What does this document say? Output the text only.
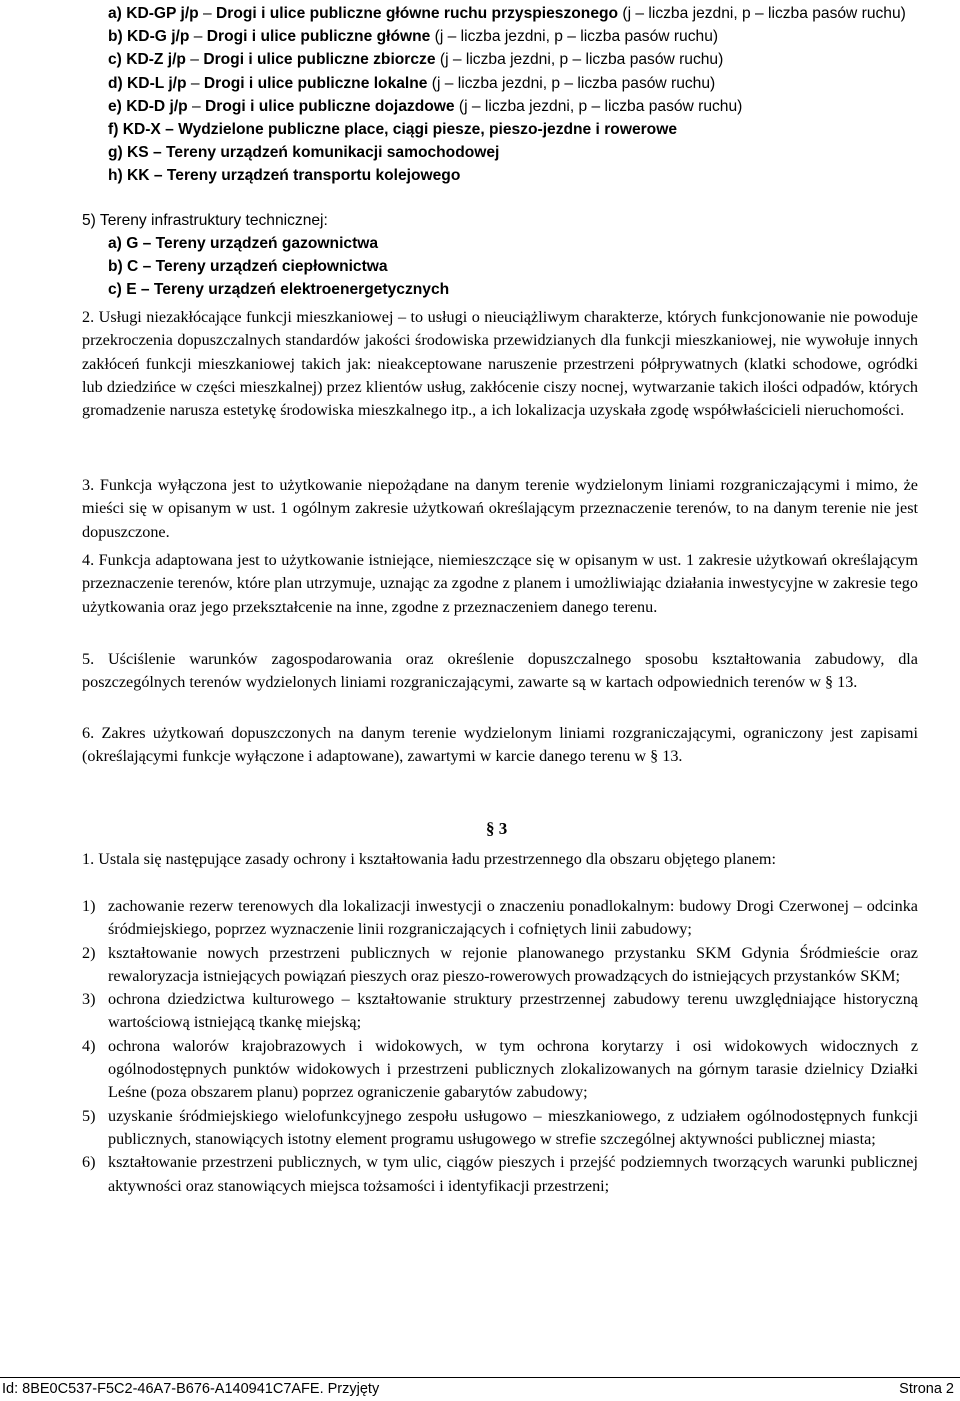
a) KD-GP j/p – Drogi i ulice publiczne główne ruchu przyspieszonego (j – liczba jezdni, p – liczba pasów ruchu)
b) KD-G j/p – Drogi i ulice publiczne główne (j – liczba jezdni, p – liczba pasów ruchu)
c) KD-Z j/p – Drogi i ulice publiczne zbiorcze (j – liczba jezdni, p – liczba pasów ruchu)
d) KD-L j/p – Drogi i ulice publiczne lokalne (j – liczba jezdni, p – liczba pasów ruchu)
e) KD-D j/p – Drogi i ulice publiczne dojazdowe (j – liczba jezdni, p – liczba pasów ruchu)
f) KD-X – Wydzielone publiczne place, ciągi piesze, pieszo-jezdne i rowerowe
g) KS – Tereny urządzeń komunikacji samochodowej
h) KK – Tereny urządzeń transportu kolejowego
5) Tereny infrastruktury technicznej:
a) G – Tereny urządzeń gazownictwa
b) C – Tereny urządzeń ciepłownictwa
c) E – Tereny urządzeń elektroenergetycznych
2. Usługi niezakłócające funkcji mieszkaniowej – to usługi o nieuciążliwym charakterze, których funkcjonowanie nie powoduje przekroczenia dopuszczalnych standardów jakości środowiska przewidzianych dla funkcji mieszkaniowej, nie wywołuje innych zakłóceń funkcji mieszkaniowej takich jak: nieakceptowane naruszenie przestrzeni półprywatnych (klatki schodowe, ogródki lub dziedzińce w części mieszkalnej) przez klientów usług, zakłócenie ciszy nocnej, wytwarzanie takich ilości odpadów, których gromadzenie narusza estetykę środowiska mieszkalnego itp., a ich lokalizacja uzyskała zgodę współwłaścicieli nieruchomości.
3. Funkcja wyłączona jest to użytkowanie niepożądane na danym terenie wydzielonym liniami rozgraniczającymi i mimo, że mieści się w opisanym w ust. 1 ogólnym zakresie użytkowań określającym przeznaczenie terenów, to na danym terenie nie jest dopuszczone.
4. Funkcja adaptowana jest to użytkowanie istniejące, niemieszczące się w opisanym w ust. 1 zakresie użytkowań określającym przeznaczenie terenów, które plan utrzymuje, uznając za zgodne z planem i umożliwiając działania inwestycyjne w zakresie tego użytkowania oraz jego przekształcenie na inne, zgodne z przeznaczeniem danego terenu.
5. Uściślenie warunków zagospodarowania oraz określenie dopuszczalnego sposobu kształtowania zabudowy, dla poszczególnych terenów wydzielonych liniami rozgraniczającymi, zawarte są w kartach odpowiednich terenów w § 13.
6. Zakres użytkowań dopuszczonych na danym terenie wydzielonym liniami rozgraniczającymi, ograniczony jest zapisami (określającymi funkcje wyłączone i adaptowane), zawartymi w karcie danego terenu w § 13.
§ 3
1. Ustala się następujące zasady ochrony i kształtowania ładu przestrzennego dla obszaru objętego planem:
1) zachowanie rezerw terenowych dla lokalizacji inwestycji o znaczeniu ponadlokalnym: budowy Drogi Czerwonej – odcinka śródmiejskiego, poprzez wyznaczenie linii rozgraniczających i cofniętych linii zabudowy;
2) kształtowanie nowych przestrzeni publicznych w rejonie planowanego przystanku SKM Gdynia Śródmieście oraz rewaloryzacja istniejących powiązań pieszych oraz pieszo-rowerowych prowadzących do istniejących przystanków SKM;
3) ochrona dziedzictwa kulturowego – kształtowanie struktury przestrzennej zabudowy terenu uwzględniające historyczną wartościową istniejącą tkankę miejską;
4) ochrona walorów krajobrazowych i widokowych, w tym ochrona korytarzy i osi widokowych widocznych z ogólnodostępnych punktów widokowych i przestrzeni publicznych zlokalizowanych na górnym tarasie dzielnicy Działki Leśne (poza obszarem planu) poprzez ograniczenie gabarytów zabudowy;
5) uzyskanie śródmiejskiego wielofunkcyjnego zespołu usługowo – mieszkaniowego, z udziałem ogólnodostępnych funkcji publicznych, stanowiących istotny element programu usługowego w strefie szczególnej aktywności publicznej miasta;
6) kształtowanie przestrzeni publicznych, w tym ulic, ciągów pieszych i przejść podziemnych tworzących warunki publicznej aktywności oraz stanowiących miejsca tożsamości i identyfikacji przestrzeni;
Id: 8BE0C537-F5C2-46A7-B676-A140941C7AFE. Przyjęty	Strona 2
